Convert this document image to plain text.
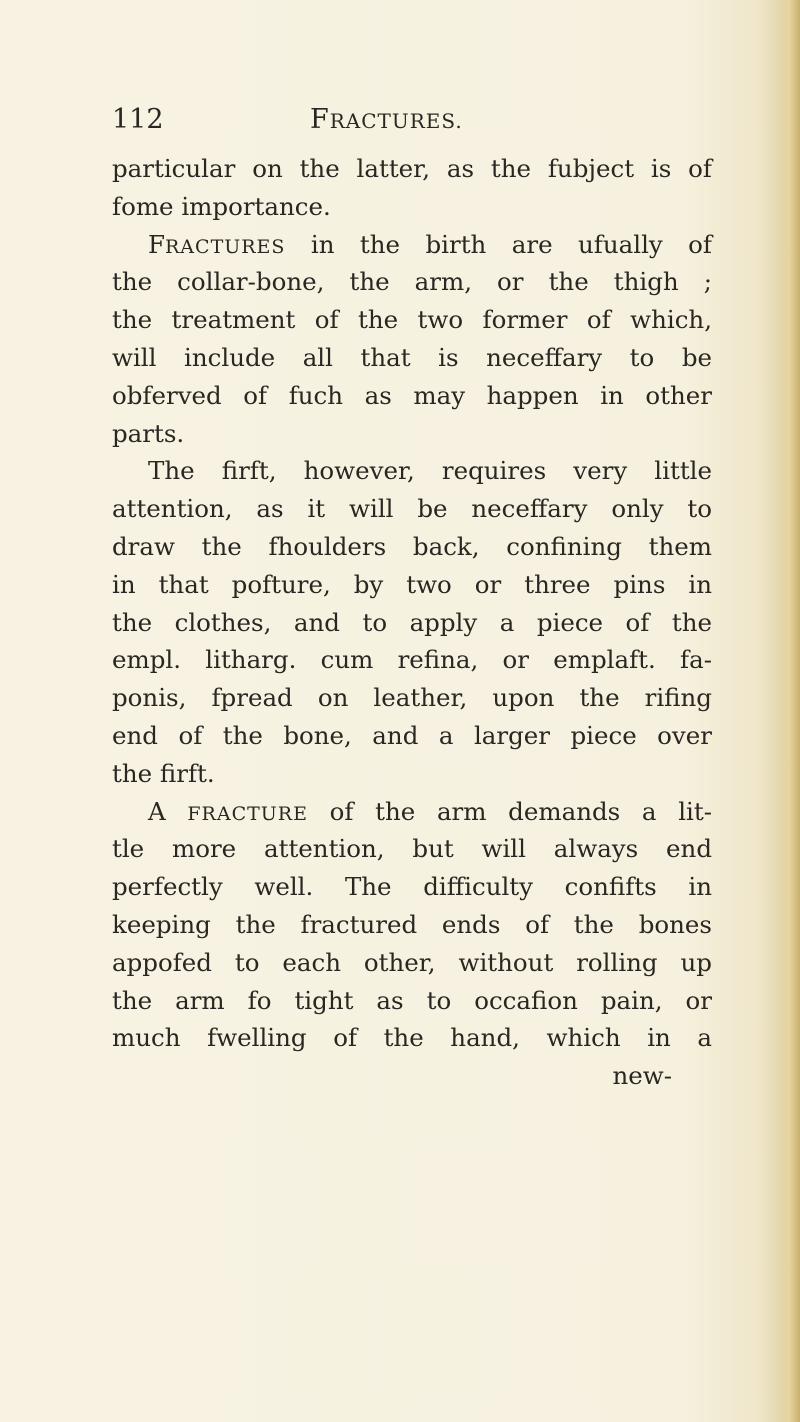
112	FRACTURES.
particular on the latter, as the fubject is of
fome importance.
FRACTURES in the birth are ufually of
the collar-bone, the arm, or the thigh ;
the treatment of the two former of which,
will include all that is neceffary to be
obferved of fuch as may happen in other
parts.
The firft, however, requires very little
attention, as it will be neceffary only to
draw the fhoulders back, confining them
in that pofture, by two or three pins in
the clothes, and to apply a piece of the
empl. litharg. cum refina, or emplaft. fa-
ponis, fpread on leather, upon the rifing
end of the bone, and a larger piece over
the firft.
A FRACTURE of the arm demands a lit-
tle more attention, but will always end
perfectly well. The difficulty confifts in
keeping the fractured ends of the bones
appofed to each other, without rolling up
the arm fo tight as to occafion pain, or
much fwelling of the hand, which in a
new-
